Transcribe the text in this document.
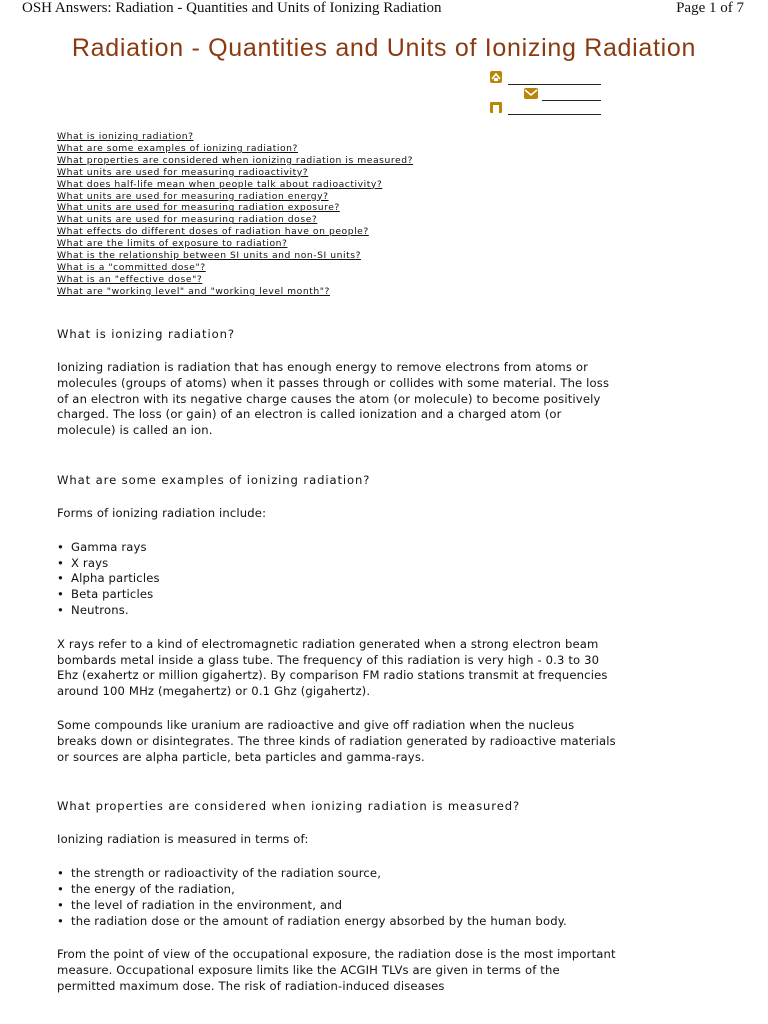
OSH Answers: Radiation - Quantities and Units of Ionizing Radiation	Page 1 of 7
Radiation - Quantities and Units of Ionizing Radiation
What is ionizing radiation?
What are some examples of ionizing radiation?
What properties are considered when ionizing radiation is measured?
What units are used for measuring radioactivity?
What does half-life mean when people talk about radioactivity?
What units are used for measuring radiation energy?
What units are used for measuring radiation exposure?
What units are used for measuring radiation dose?
What effects do different doses of radiation have on people?
What are the limits of exposure to radiation?
What is the relationship between SI units and non-SI units?
What is a "committed dose"?
What is an "effective dose"?
What are "working level" and "working level month"?
What is ionizing radiation?

Ionizing radiation is radiation that has enough energy to remove electrons from atoms or molecules (groups of atoms) when it passes through or collides with some material. The loss of an electron with its negative charge causes the atom (or molecule) to become positively charged. The loss (or gain) of an electron is called ionization and a charged atom (or molecule) is called an ion.

What are some examples of ionizing radiation?

Forms of ionizing radiation include:

• Gamma rays
• X rays
• Alpha particles
• Beta particles
• Neutrons.

X rays refer to a kind of electromagnetic radiation generated when a strong electron beam bombards metal inside a glass tube. The frequency of this radiation is very high - 0.3 to 30 Ehz (exahertz or million gigahertz). By comparison FM radio stations transmit at frequencies around 100 MHz (megahertz) or 0.1 Ghz (gigahertz).

Some compounds like uranium are radioactive and give off radiation when the nucleus breaks down or disintegrates. The three kinds of radiation generated by radioactive materials or sources are alpha particle, beta particles and gamma-rays.

What properties are considered when ionizing radiation is measured?

Ionizing radiation is measured in terms of:

• the strength or radioactivity of the radiation source,
• the energy of the radiation,
• the level of radiation in the environment, and
• the radiation dose or the amount of radiation energy absorbed by the human body.

From the point of view of the occupational exposure, the radiation dose is the most important measure. Occupational exposure limits like the ACGIH TLVs are given in terms of the permitted maximum dose. The risk of radiation-induced diseases
